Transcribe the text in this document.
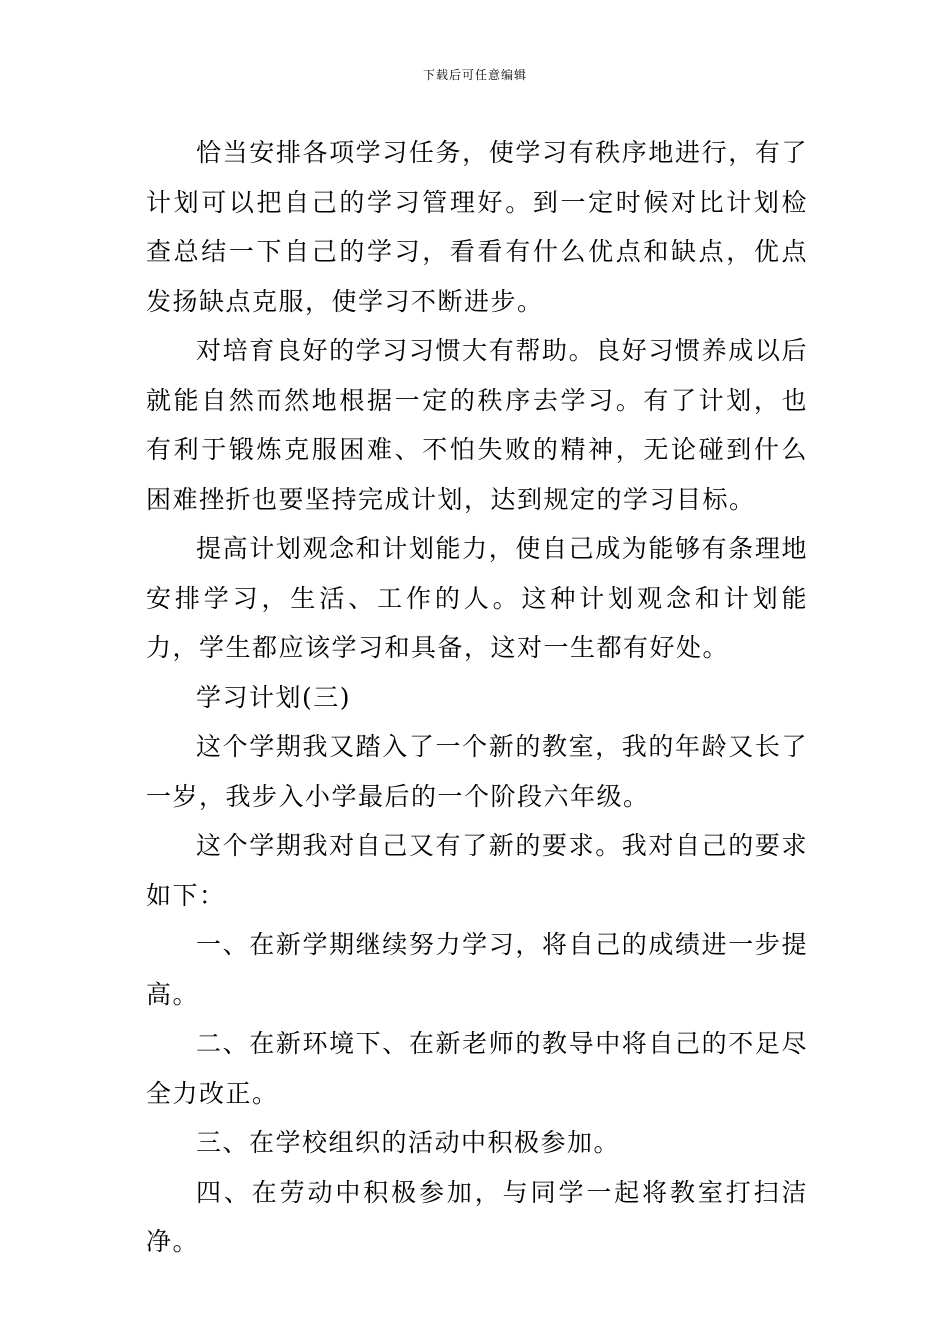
下载后可任意编辑

恰当安排各项学习任务，使学习有秩序地进行，有了计划可以把自己的学习管理好。到一定时候对比计划检查总结一下自己的学习，看看有什么优点和缺点，优点发扬缺点克服，使学习不断进步。

对培育良好的学习习惯大有帮助。良好习惯养成以后就能自然而然地根据一定的秩序去学习。有了计划，也有利于锻炼克服困难、不怕失败的精神，无论碰到什么困难挫折也要坚持完成计划，达到规定的学习目标。

提高计划观念和计划能力，使自己成为能够有条理地安排学习，生活、工作的人。这种计划观念和计划能力，学生都应该学习和具备，这对一生都有好处。

学习计划(三)

这个学期我又踏入了一个新的教室，我的年龄又长了一岁，我步入小学最后的一个阶段六年级。

这个学期我对自己又有了新的要求。我对自己的要求如下：

一、在新学期继续努力学习，将自己的成绩进一步提高。

二、在新环境下、在新老师的教导中将自己的不足尽全力改正。

三、在学校组织的活动中积极参加。

四、在劳动中积极参加，与同学一起将教室打扫洁净。
